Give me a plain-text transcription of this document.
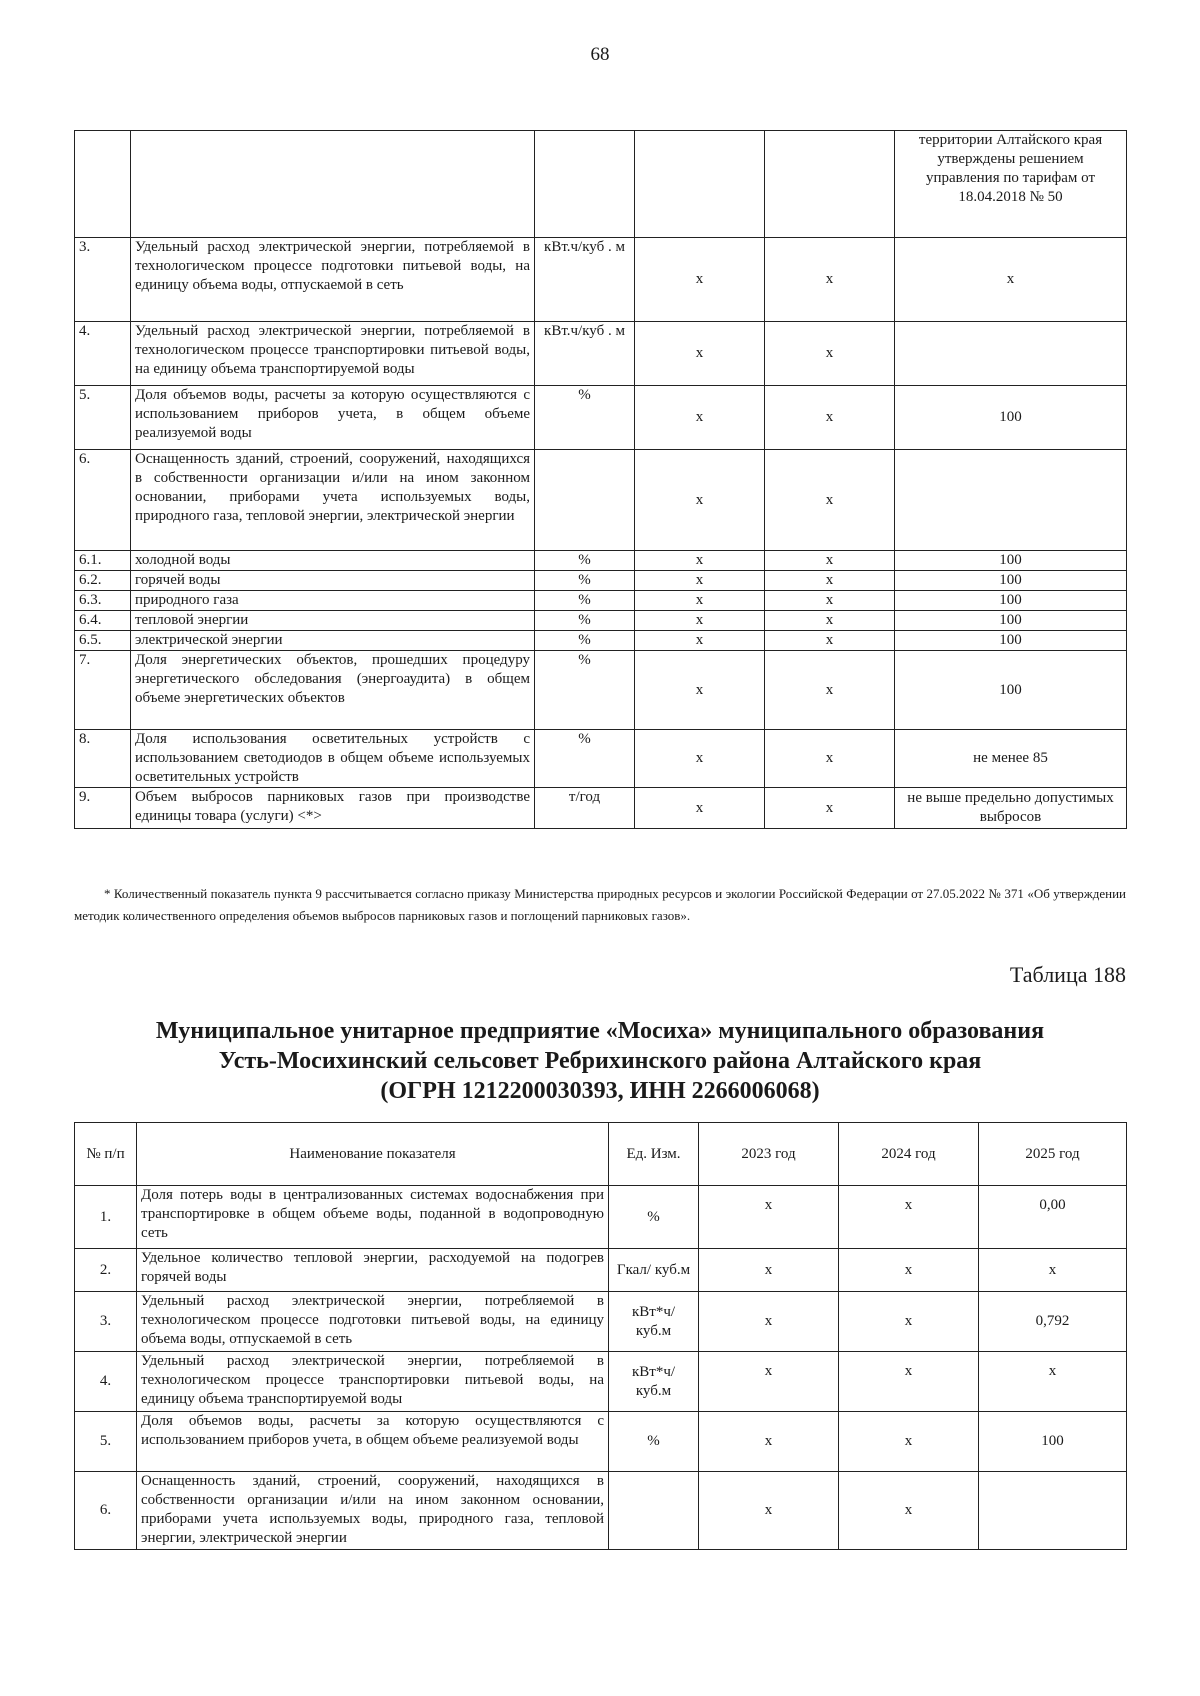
68
					территории Алтайского края утверждены решением управления по тарифам от 18.04.2018 № 50
3.	Удельный расход электрической энергии, потребляемой в технологическом процессе подготовки питьевой воды, на единицу объема воды, отпускаемой в сеть	кВт.ч/куб . м	х	х	х
4.	Удельный расход электрической энергии, потребляемой в технологическом процессе транспортировки питьевой воды, на единицу объема транспортируемой воды	кВт.ч/куб . м	х	х	
5.	Доля объемов воды, расчеты за которую осуществляются с использованием приборов учета, в общем объеме реализуемой воды	%	х	х	100
6.	Оснащенность зданий, строений, сооружений, находящихся в собственности организации и/или на ином законном основании, приборами учета используемых воды, природного газа, тепловой энергии, электрической энергии		х	х	
6.1.	холодной воды	%	х	х	100
6.2.	горячей воды	%	х	х	100
6.3.	природного газа	%	х	х	100
6.4.	тепловой энергии	%	х	х	100
6.5.	электрической энергии	%	х	х	100
7.	Доля энергетических объектов, прошедших процедуру энергетического обследования (энергоаудита) в общем объеме энергетических объектов	%	х	х	100
8.	Доля использования осветительных устройств с использованием светодиодов в общем объеме используемых осветительных устройств	%	х	х	не менее 85
9.	Объем выбросов парниковых газов при производстве единицы товара (услуги) <*>	т/год	х	х	не выше предельно допустимых выбросов
* Количественный показатель пункта 9 рассчитывается согласно приказу Министерства природных ресурсов и экологии Российской Федерации от 27.05.2022 № 371 «Об утверждении методик количественного определения объемов выбросов парниковых газов и поглощений парниковых газов».
Таблица 188
Муниципальное унитарное предприятие «Мосиха» муниципального образования
Усть-Мосихинский сельсовет Ребрихинского района Алтайского края
(ОГРН 1212200030393, ИНН 2266006068)
№ п/п	Наименование показателя	Ед. Изм.	2023 год	2024 год	2025 год
1.	Доля потерь воды в централизованных системах водоснабжения при транспортировке в общем объеме воды, поданной в водопроводную сеть	%	х	х	0,00
2.	Удельное количество тепловой энергии, расходуемой на подогрев горячей воды	Гкал/ куб.м	х	х	х
3.	Удельный расход электрической энергии, потребляемой в технологическом процессе подготовки питьевой воды, на единицу объема воды, отпускаемой в сеть	кВт*ч/ куб.м	х	х	0,792
4.	Удельный расход электрической энергии, потребляемой в технологическом процессе транспортировки питьевой воды, на единицу объема транспортируемой воды	кВт*ч/ куб.м	х	х	х
5.	Доля объемов воды, расчеты за которую осуществляются с использованием приборов учета, в общем объеме реализуемой воды	%	х	х	100
6.	Оснащенность зданий, строений, сооружений, находящихся в собственности организации и/или на ином законном основании, приборами учета используемых воды, природного газа, тепловой энергии, электрической энергии		х	х	
